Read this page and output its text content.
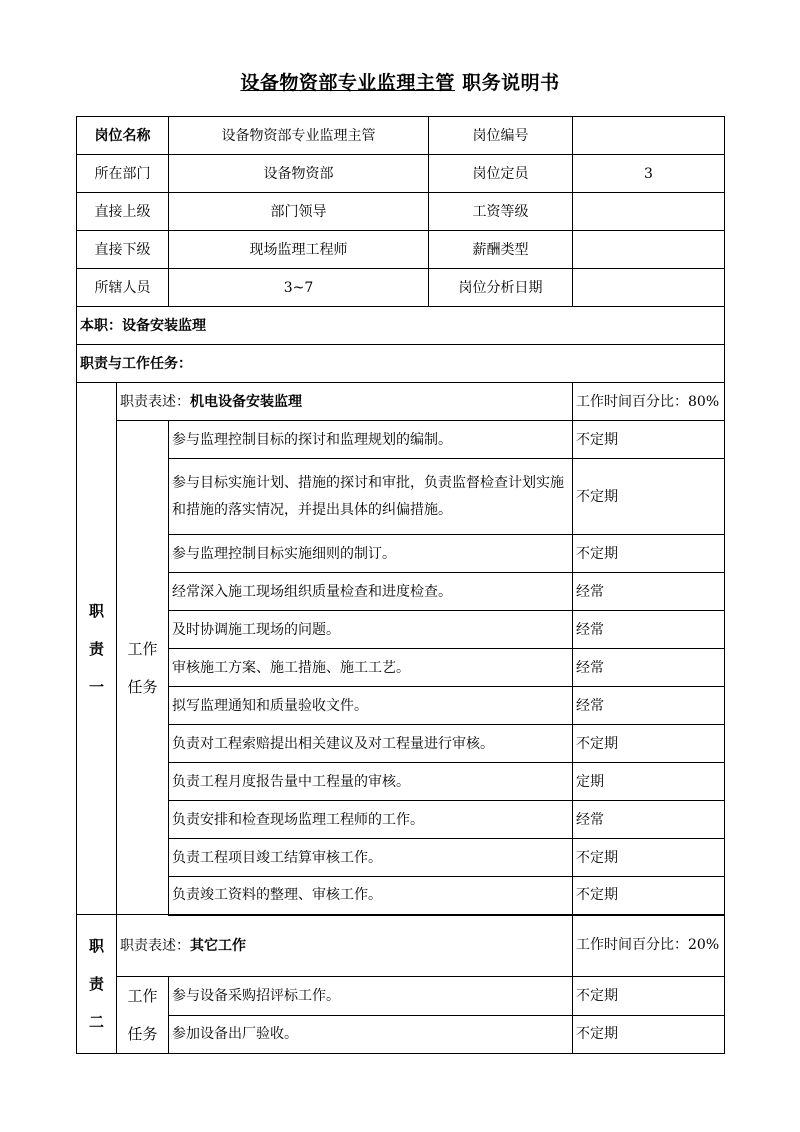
设备物资部专业监理主管 职务说明书
岗位名称		设备物资部专业监理主管	岗位编号	
所在部门		设备物资部	岗位定员	3
直接上级		部门领导	工资等级	
直接下级		现场监理工程师	薪酬类型	
所辖人员		3~7	岗位分析日期	
本职：设备安装监理				
职责与工作任务：				
职
责
一	职责表述：机电设备安装监理			工作时间百分比：80%
	工作
任务	参与监理控制目标的探讨和监理规划的编制。		不定期
		参与目标实施计划、措施的探讨和审批，负责监督检查计划实施和措施的落实情况，并提出具体的纠偏措施。		不定期
		参与监理控制目标实施细则的制订。		不定期
		经常深入施工现场组织质量检查和进度检查。		经常
		及时协调施工现场的问题。		经常
		审核施工方案、施工措施、施工工艺。		经常
		拟写监理通知和质量验收文件。		经常
		负责对工程索赔提出相关建议及对工程量进行审核。		不定期
		负责工程月度报告量中工程量的审核。		定期
		负责安排和检查现场监理工程师的工作。		经常
		负责工程项目竣工结算审核工作。		不定期
		负责竣工资料的整理、审核工作。		不定期
职
责
二	职责表述：其它工作			工作时间百分比：20%
	工作
任务	参与设备采购招评标工作。		不定期
		参加设备出厂验收。		不定期
